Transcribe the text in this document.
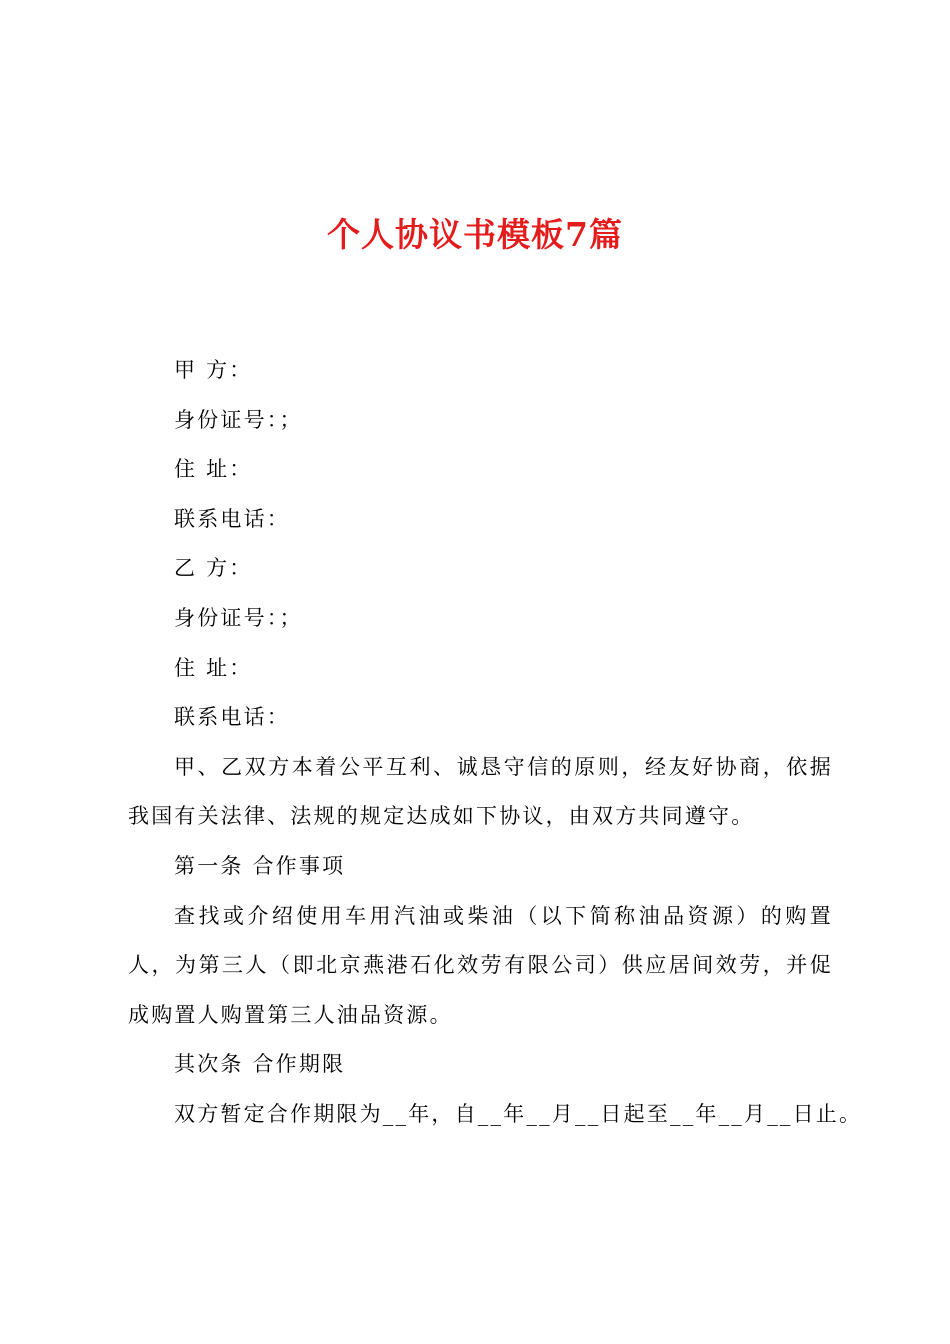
个人协议书模板7篇

甲 方：

身份证号：；

住 址：

联系电话：

乙 方：

身份证号：；

住 址：

联系电话：

甲、乙双方本着公平互利、诚恳守信的原则，经友好协商，依据我国有关法律、法规的规定达成如下协议，由双方共同遵守。

第一条 合作事项

查找或介绍使用车用汽油或柴油（以下简称油品资源）的购置人，为第三人（即北京燕港石化效劳有限公司）供应居间效劳，并促成购置人购置第三人油品资源。

其次条 合作期限

双方暂定合作期限为__年，自__年__月__日起至__年__月__日止。
